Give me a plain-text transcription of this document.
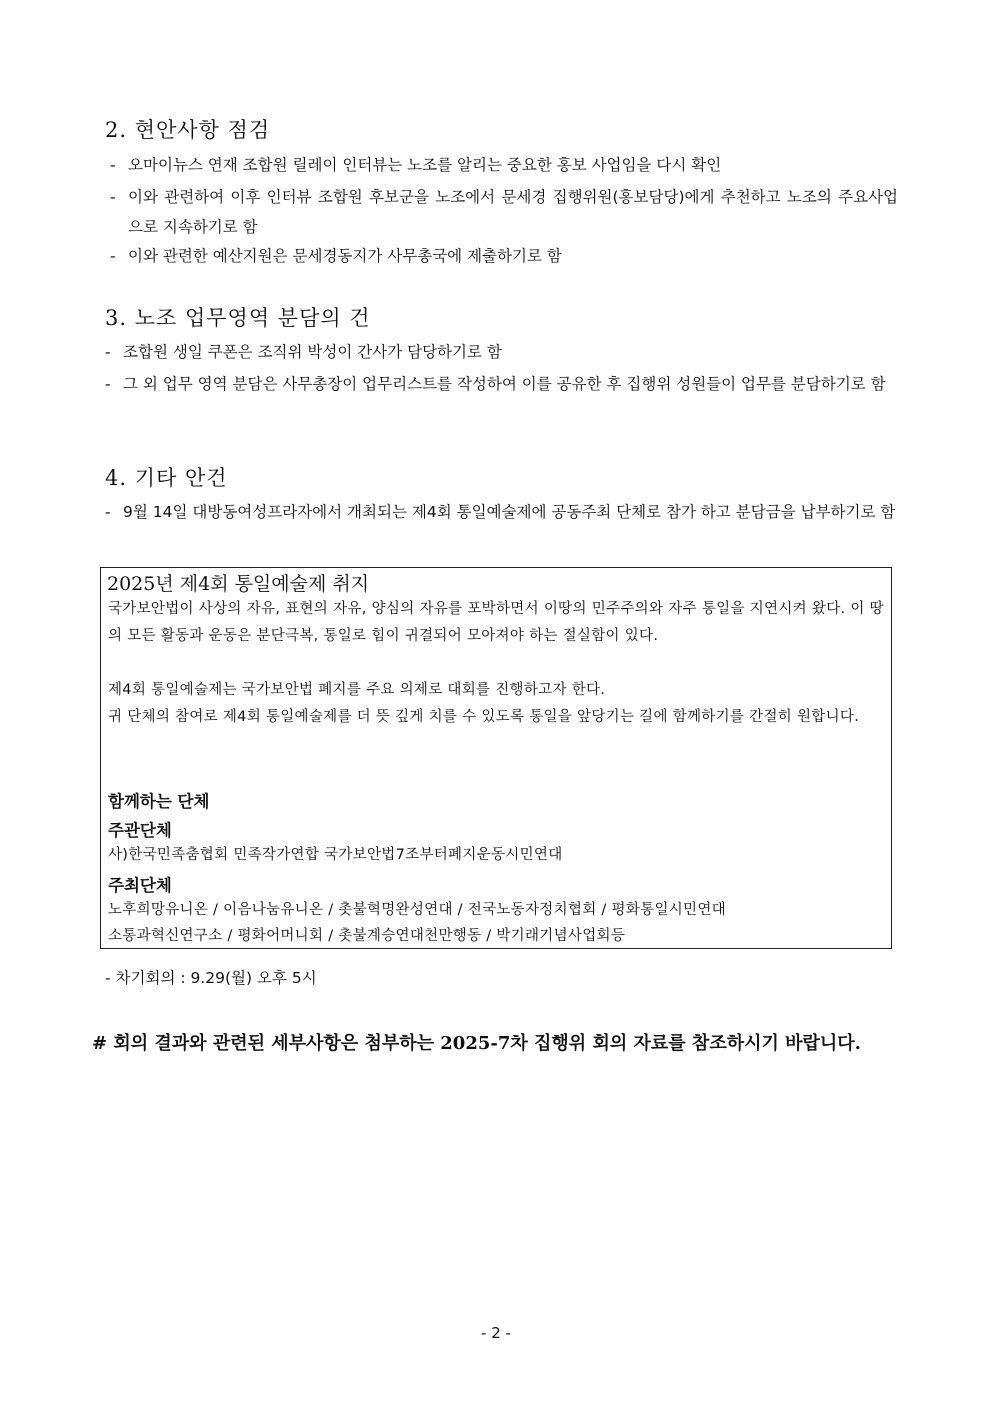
2. 현안사항 점검
- 오마이뉴스 연재 조합원 릴레이 인터뷰는 노조를 알리는 중요한 홍보 사업임을 다시 확인
- 이와 관련하여 이후 인터뷰 조합원 후보군을 노조에서 문세경 집행위원(홍보담당)에게 추천하고 노조의 주요사업으로 지속하기로 함
- 이와 관련한 예산지원은 문세경동지가 사무총국에 제출하기로 함
3. 노조 업무영역 분담의 건
- 조합원 생일 쿠폰은 조직위 박성이 간사가 담당하기로 함
- 그 외 업무 영역 분담은 사무총장이 업무리스트를 작성하여 이를 공유한 후 집행위 성원들이 업무를 분담하기로 함
4. 기타 안건
- 9월 14일 대방동여성프라자에서 개최되는 제4회 통일예술제에 공동주최 단체로 참가 하고 분담금을 납부하기로 함
2025년 제4회 통일예술제 취지
국가보안법이 사상의 자유, 표현의 자유, 양심의 자유를 포박하면서 이땅의 민주주의와 자주 통일을 지연시켜 왔다. 이 땅의 모든 활동과 운동은 분단극복, 통일로 힘이 귀결되어 모아져야 하는 절실함이 있다.
제4회 통일예술제는 국가보안법 폐지를 주요 의제로 대회를 진행하고자 한다.
귀 단체의 참여로 제4회 통일예술제를 더 뜻 깊게 치를 수 있도록 통일을 앞당기는 길에 함께하기를 간절히 원합니다.
함께하는 단체
주관단체
사)한국민족춤협회 민족작가연합 국가보안법7조부터폐지운동시민연대
주최단체
노후희망유니온 / 이음나눔유니온 / 촛불혁명완성연대 / 전국노동자정치협회 / 평화통일시민연대
소통과혁신연구소 / 평화어머니회 / 촛불계승연대천만행동 / 박기래기념사업회등
- 차기회의 : 9.29(월) 오후 5시
# 회의 결과와 관련된 세부사항은 첨부하는 2025-7차 집행위 회의 자료를 참조하시기 바랍니다.
- 2 -
